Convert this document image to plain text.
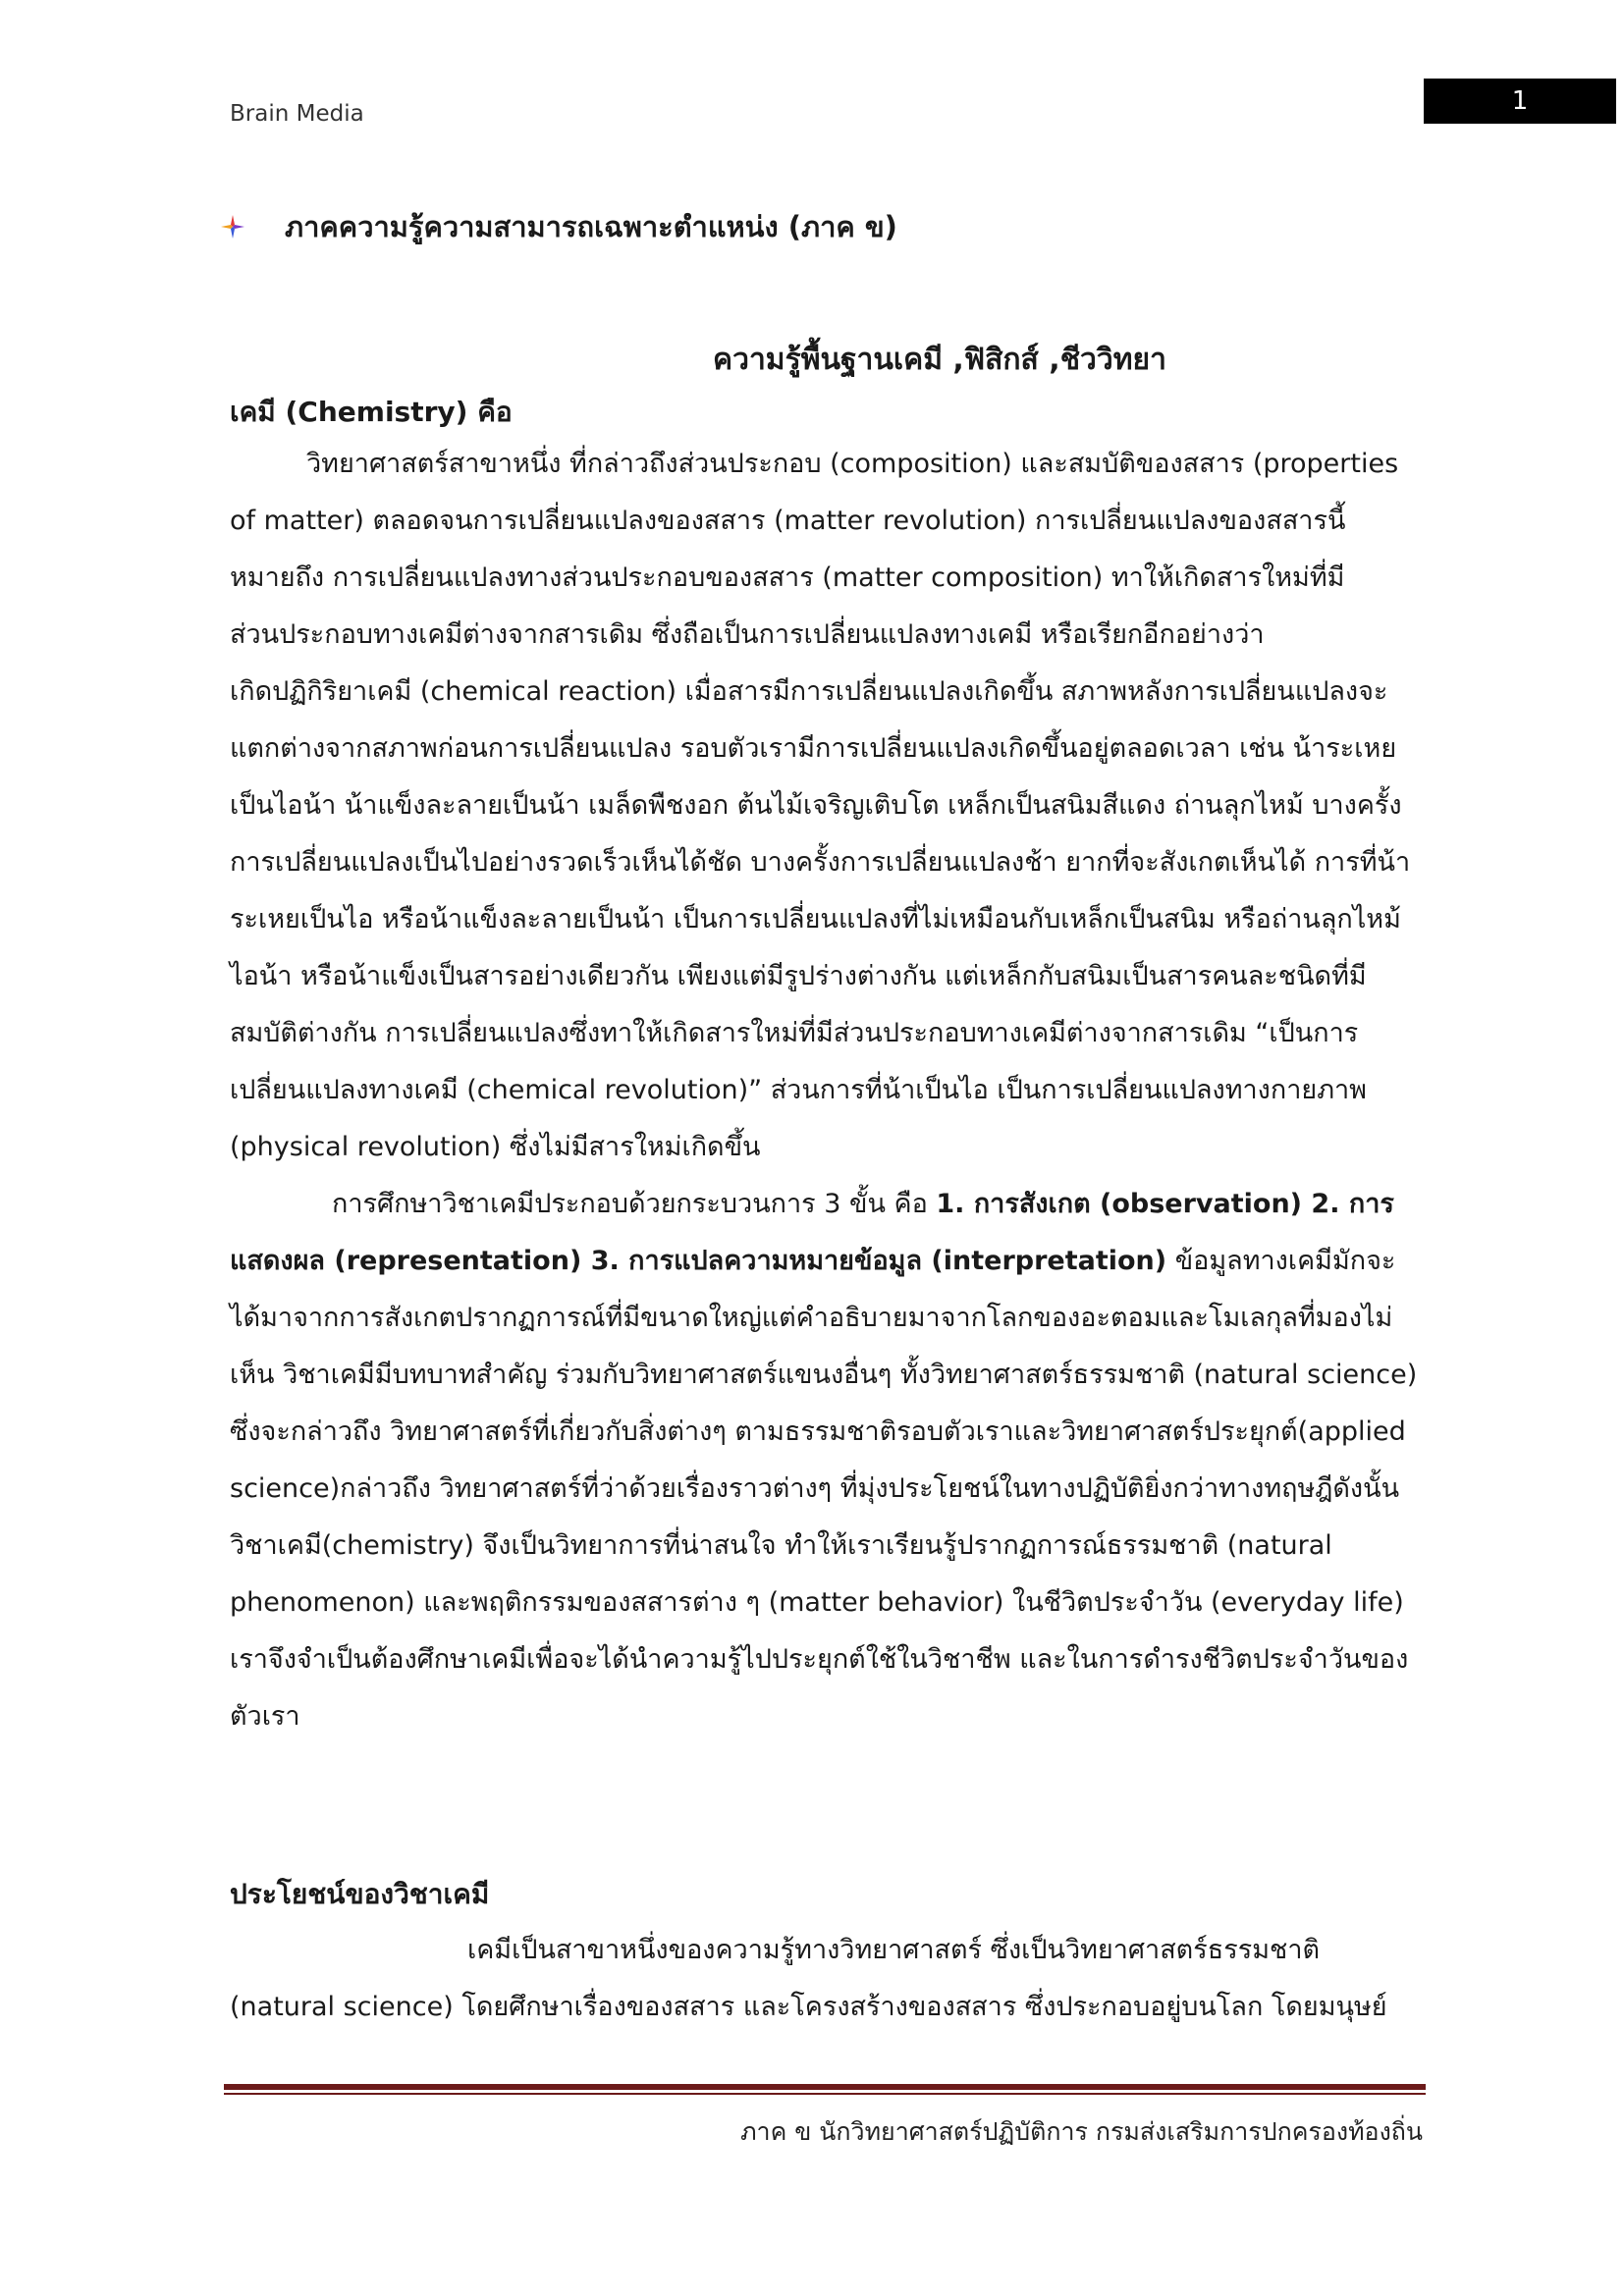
Brain Media	1
ภาคความรู้ความสามารถเฉพาะตำแหน่ง (ภาค ข)
ความรู้พื้นฐานเคมี ,ฟิสิกส์ ,ชีววิทยา
เคมี (Chemistry) คือ

วิทยาศาสตร์สาขาหนึ่ง ที่กล่าวถึงส่วนประกอบ (composition) และสมบัติของสสาร (properties

of matter) ตลอดจนการเปลี่ยนแปลงของสสาร (matter revolution) การเปลี่ยนแปลงของสสารนี้

หมายถึง การเปลี่ยนแปลงทางส่วนประกอบของสสาร (matter composition) ทาให้เกิดสารใหม่ที่มี

ส่วนประกอบทางเคมีต่างจากสารเดิม ซึ่งถือเป็นการเปลี่ยนแปลงทางเคมี หรือเรียกอีกอย่างว่า

เกิดปฏิกิริยาเคมี (chemical reaction) เมื่อสารมีการเปลี่ยนแปลงเกิดขึ้น สภาพหลังการเปลี่ยนแปลงจะ

แตกต่างจากสภาพก่อนการเปลี่ยนแปลง รอบตัวเรามีการเปลี่ยนแปลงเกิดขึ้นอยู่ตลอดเวลา เช่น น้าระเหย

เป็นไอน้า น้าแข็งละลายเป็นน้า เมล็ดพืชงอก ต้นไม้เจริญเติบโต เหล็กเป็นสนิมสีแดง ถ่านลุกไหม้ บางครั้ง

การเปลี่ยนแปลงเป็นไปอย่างรวดเร็วเห็นได้ชัด บางครั้งการเปลี่ยนแปลงช้า ยากที่จะสังเกตเห็นได้ การที่น้า

ระเหยเป็นไอ หรือน้าแข็งละลายเป็นน้า เป็นการเปลี่ยนแปลงที่ไม่เหมือนกับเหล็กเป็นสนิม หรือถ่านลุกไหม้

ไอน้า หรือน้าแข็งเป็นสารอย่างเดียวกัน เพียงแต่มีรูปร่างต่างกัน แต่เหล็กกับสนิมเป็นสารคนละชนิดที่มี

สมบัติต่างกัน การเปลี่ยนแปลงซึ่งทาให้เกิดสารใหม่ที่มีส่วนประกอบทางเคมีต่างจากสารเดิม “เป็นการ

เปลี่ยนแปลงทางเคมี (chemical revolution)” ส่วนการที่น้าเป็นไอ เป็นการเปลี่ยนแปลงทางกายภาพ

(physical revolution) ซึ่งไม่มีสารใหม่เกิดขึ้น

การศึกษาวิชาเคมีประกอบด้วยกระบวนการ 3 ขั้น คือ 1. การสังเกต (observation) 2. การ

แสดงผล (representation) 3. การแปลความหมายข้อมูล (interpretation) ข้อมูลทางเคมีมักจะ

ได้มาจากการสังเกตปรากฏการณ์ที่มีขนาดใหญ่แต่คำอธิบายมาจากโลกของอะตอมและโมเลกุลที่มองไม่

เห็น วิชาเคมีมีบทบาทสำคัญ ร่วมกับวิทยาศาสตร์แขนงอื่นๆ ทั้งวิทยาศาสตร์ธรรมชาติ (natural science)

ซึ่งจะกล่าวถึง วิทยาศาสตร์ที่เกี่ยวกับสิ่งต่างๆ ตามธรรมชาติรอบตัวเราและวิทยาศาสตร์ประยุกต์(applied

science)กล่าวถึง วิทยาศาสตร์ที่ว่าด้วยเรื่องราวต่างๆ ที่มุ่งประโยชน์ในทางปฏิบัติยิ่งกว่าทางทฤษฎีดังนั้น

วิชาเคมี(chemistry) จึงเป็นวิทยาการที่น่าสนใจ ทำให้เราเรียนรู้ปรากฏการณ์ธรรมชาติ (natural

phenomenon) และพฤติกรรมของสสารต่าง ๆ (matter behavior) ในชีวิตประจำวัน (everyday life)

เราจึงจำเป็นต้องศึกษาเคมีเพื่อจะได้นำความรู้ไปประยุกต์ใช้ในวิชาชีพ และในการดำรงชีวิตประจำวันของ

ตัวเรา

ประโยชน์ของวิชาเคมี

เคมีเป็นสาขาหนึ่งของความรู้ทางวิทยาศาสตร์ ซึ่งเป็นวิทยาศาสตร์ธรรมชาติ

(natural science) โดยศึกษาเรื่องของสสาร และโครงสร้างของสสาร ซึ่งประกอบอยู่บนโลก โดยมนุษย์

ภาค ข นักวิทยาศาสตร์ปฏิบัติการ กรมส่งเสริมการปกครองท้องถิ่น
